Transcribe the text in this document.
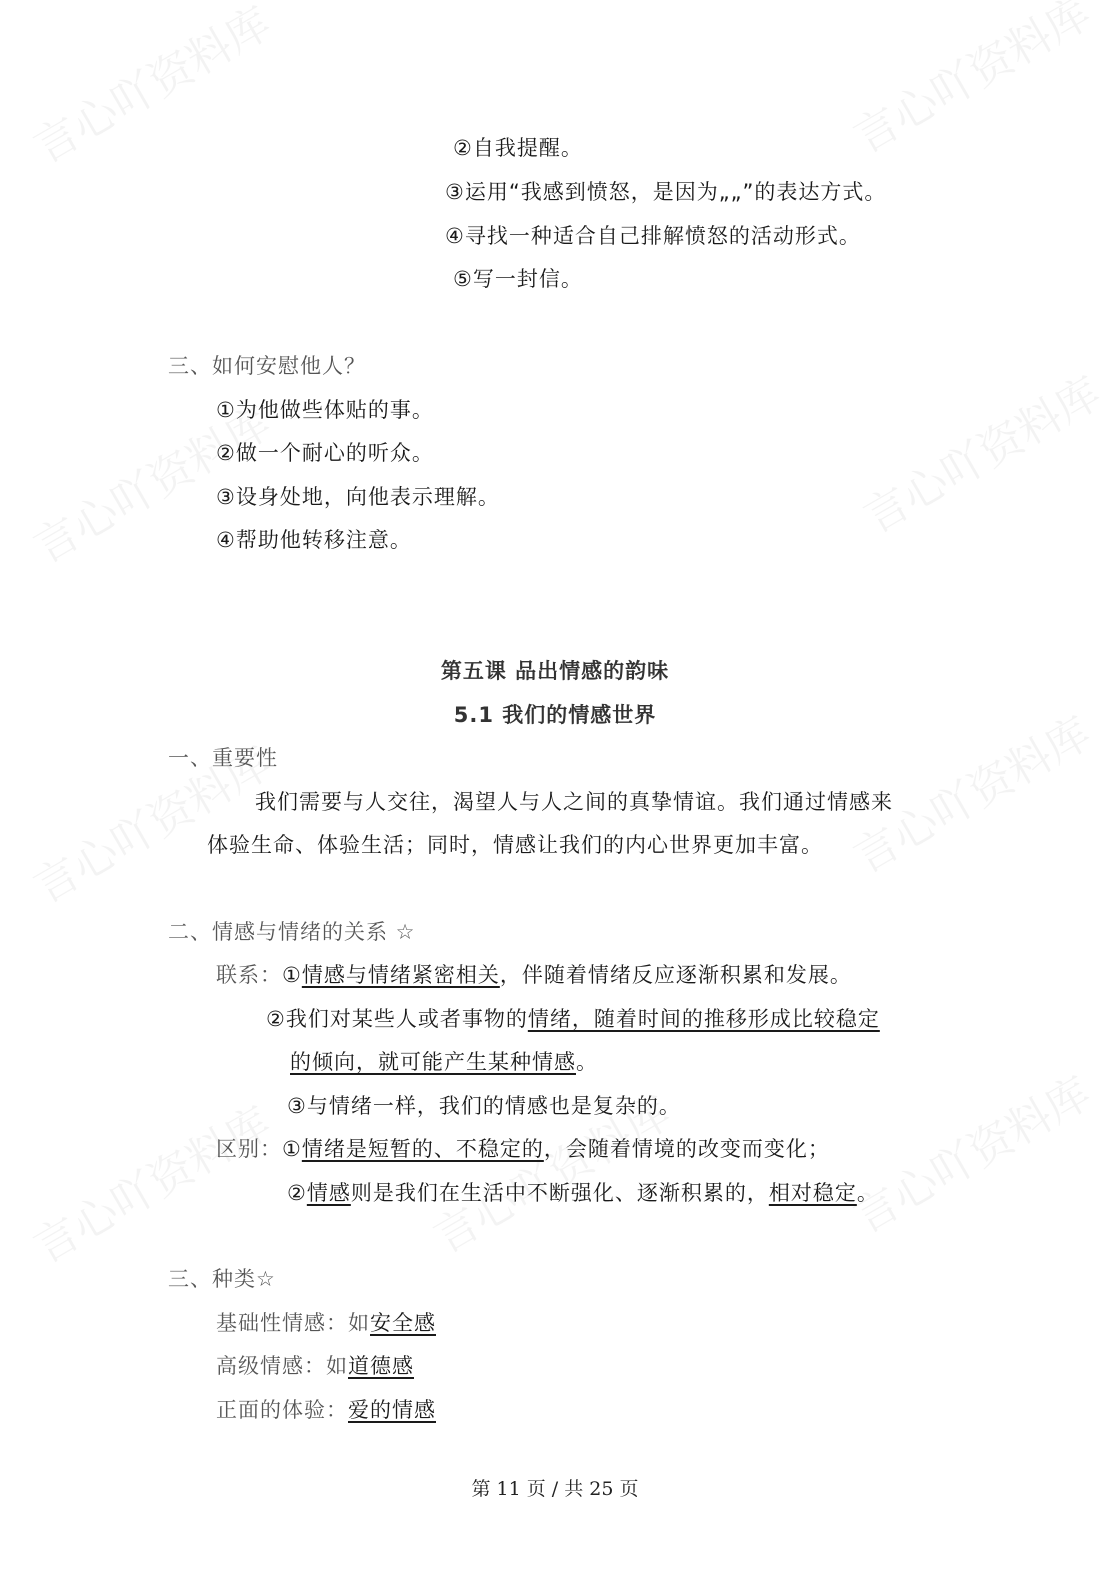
②自我提醒。
③运用“我感到愤怒，是因为„„”的表达方式。
④寻找一种适合自己排解愤怒的活动形式。
⑤写一封信。
三、如何安慰他人？
①为他做些体贴的事。
②做一个耐心的听众。
③设身处地，向他表示理解。
④帮助他转移注意。
第五课 品出情感的韵味
5.1 我们的情感世界
一、重要性
我们需要与人交往，渴望人与人之间的真挚情谊。我们通过情感来
体验生命、体验生活；同时，情感让我们的内心世界更加丰富。
二、情感与情绪的关系 ☆
联系：①情感与情绪紧密相关，伴随着情绪反应逐渐积累和发展。
②我们对某些人或者事物的情绪，随着时间的推移形成比较稳定
的倾向，就可能产生某种情感。
③与情绪一样，我们的情感也是复杂的。
区别：①情绪是短暂的、不稳定的，会随着情境的改变而变化；
②情感则是我们在生活中不断强化、逐渐积累的，相对稳定。
三、种类☆
基础性情感：如安全感
高级情感：如道德感
正面的体验：爱的情感
第 11 页 / 共 25 页
